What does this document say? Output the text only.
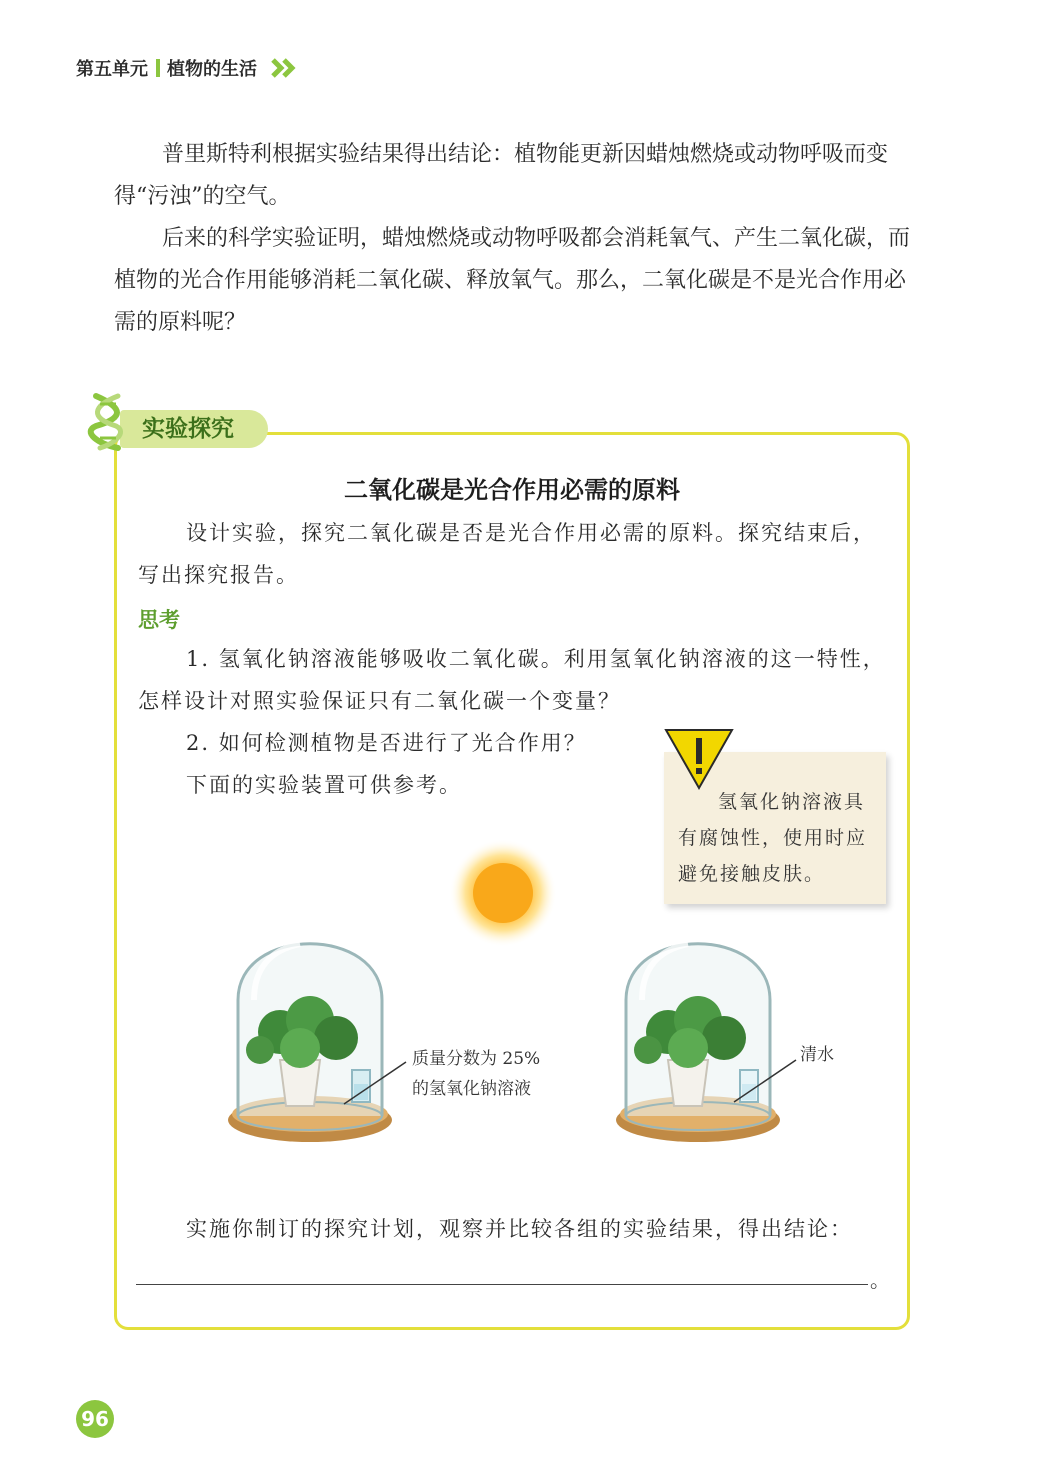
第五单元 植物的生活

普里斯特利根据实验结果得出结论：植物能更新因蜡烛燃烧或动物呼吸而变得“污浊”的空气。

后来的科学实验证明，蜡烛燃烧或动物呼吸都会消耗氧气、产生二氧化碳，而植物的光合作用能够消耗二氧化碳、释放氧气。那么，二氧化碳是不是光合作用必需的原料呢？

实验探究
二氧化碳是光合作用必需的原料

设计实验，探究二氧化碳是否是光合作用必需的原料。探究结束后，写出探究报告。

思考

1. 氢氧化钠溶液能够吸收二氧化碳。利用氢氧化钠溶液的这一特性，怎样设计对照实验保证只有二氧化碳一个变量？

2. 如何检测植物是否进行了光合作用？

下面的实验装置可供参考。

氢氧化钠溶液具有腐蚀性，使用时应避免接触皮肤。

质量分数为 25%
的氢氧化钠溶液
清水

实施你制订的探究计划，观察并比较各组的实验结果，得出结论：

。
96
